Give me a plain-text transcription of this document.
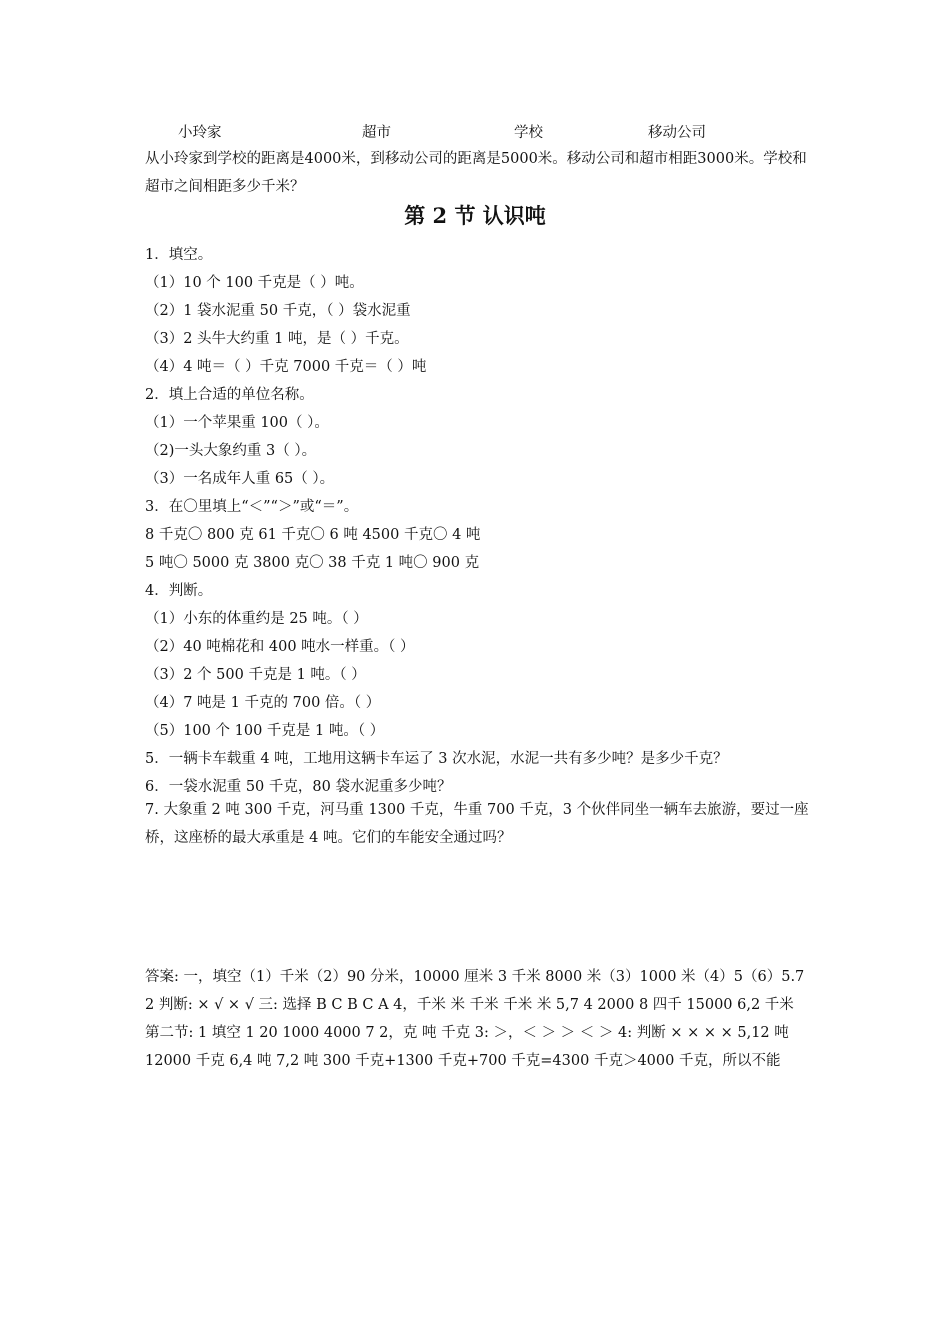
小玲家	超市	学校	移动公司
从小玲家到学校的距离是4000米，到移动公司的距离是5000米。移动公司和超市相距3000米。学校和超市之间相距多少千米？
第 2 节 认识吨
1．填空。
（1）10 个 100 千克是（ ）吨。
（2）1 袋水泥重 50 千克，（ ）袋水泥重
（3）2 头牛大约重 1 吨，是（ ）千克。
（4）4 吨＝（ ）千克 7000 千克＝（ ）吨
2．填上合适的单位名称。
（1）一个苹果重 100（ ）。
（2)一头大象约重 3（ ）。
（3）一名成年人重 65（ ）。
3．在〇里填上“＜”“＞”或“＝”。
8 千克〇 800 克 61 千克〇 6 吨 4500 千克〇 4 吨
5 吨〇 5000 克 3800 克〇 38 千克 1 吨〇 900 克
4．判断。
（1）小东的体重约是 25 吨。（ ）
（2）40 吨棉花和 400 吨水一样重。（ ）
（3）2 个 500 千克是 1 吨。（ ）
（4）7 吨是 1 千克的 700 倍。（ ）
（5）100 个 100 千克是 1 吨。（ ）
5．一辆卡车载重 4 吨，工地用这辆卡车运了 3 次水泥，水泥一共有多少吨？是多少千克？
6．一袋水泥重 50 千克，80 袋水泥重多少吨？
7. 大象重 2 吨 300 千克，河马重 1300 千克，牛重 700 千克，3 个伙伴同坐一辆车去旅游，要过一座桥，这座桥的最大承重是 4 吨。它们的车能安全通过吗？
答案: 一，填空（1）千米（2）90 分米，10000 厘米 3 千米 8000 米（3）1000 米（4）5（6）5.7 2 判断: × √ × √ 三: 选择 B C B C A 4，千米 米 千米 千米 米 5,7 4 2000 8 四千 15000 6,2 千米 第二节: 1 填空 1 20 1000 4000 7 2，克 吨 千克 3: ＞，＜ ＞ ＞ ＜ ＞ 4: 判断 × × × × 5,12 吨 12000 千克 6,4 吨 7,2 吨 300 千克+1300 千克+700 千克=4300 千克＞4000 千克，所以不能
